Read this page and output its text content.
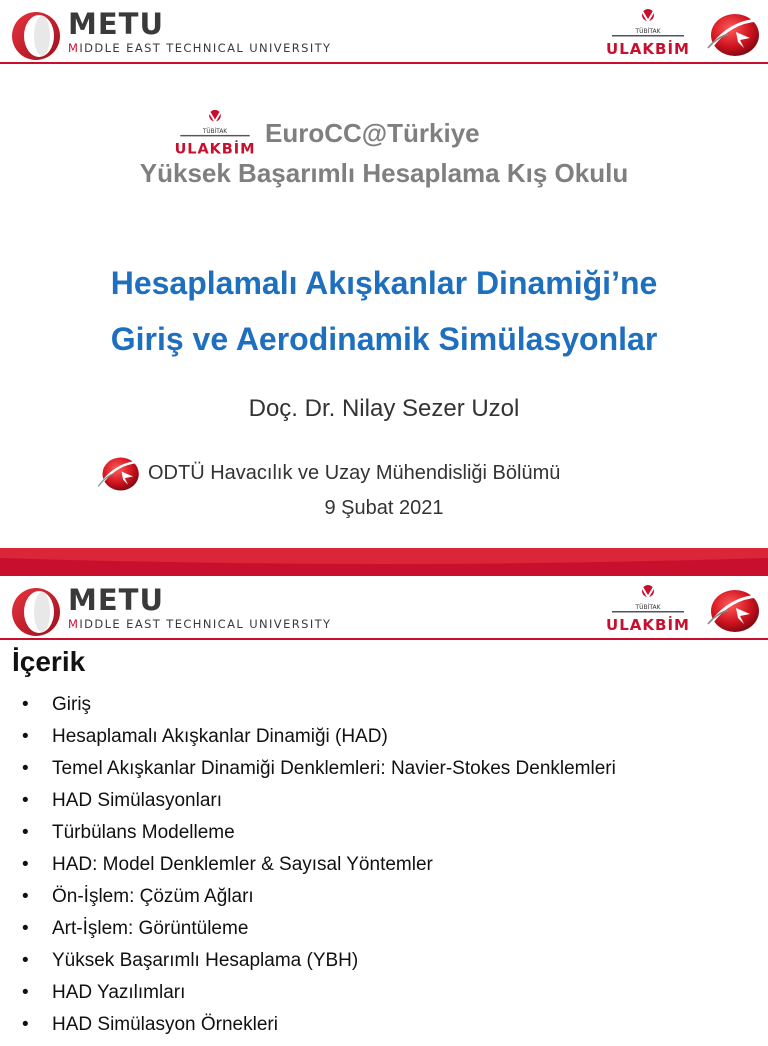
METU
MIDDLE EAST TECHNICAL UNIVERSITY
TÜBİTAK
ULAKBİM
TÜBİTAK
ULAKBİM
EuroCC@Türkiye
Yüksek Başarımlı Hesaplama Kış Okulu
Hesaplamalı Akışkanlar Dinamiği’ne
Giriş ve Aerodinamik Simülasyonlar
Doç. Dr. Nilay Sezer Uzol
ODTÜ Havacılık ve Uzay Mühendisliği Bölümü
9 Şubat 2021
METU
MIDDLE EAST TECHNICAL UNIVERSITY
TÜBİTAK
ULAKBİM
İçerik
• Giriş
• Hesaplamalı Akışkanlar Dinamiği (HAD)
• Temel Akışkanlar Dinamiği Denklemleri: Navier-Stokes Denklemleri
• HAD Simülasyonları
• Türbülans Modelleme
• HAD: Model Denklemler & Sayısal Yöntemler
• Ön-İşlem: Çözüm Ağları
• Art-İşlem: Görüntüleme
• Yüksek Başarımlı Hesaplama (YBH)
• HAD Yazılımları
• HAD Simülasyon Örnekleri
